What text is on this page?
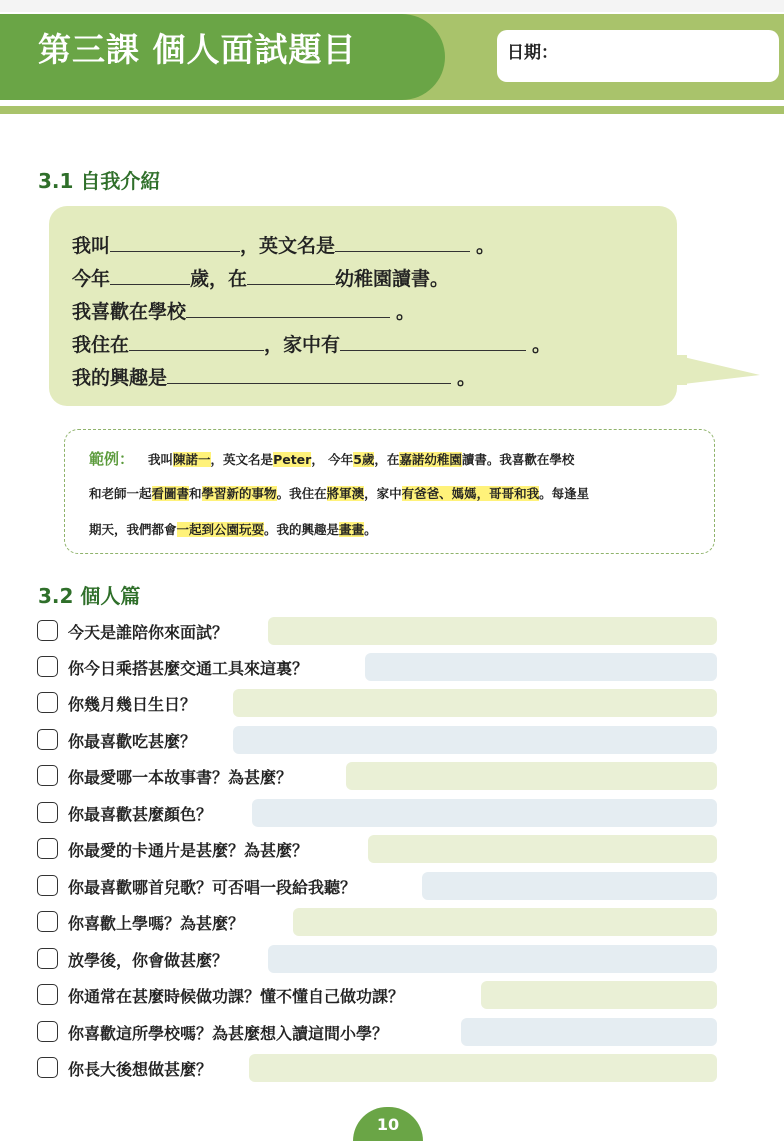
第三課 個人面試題目	日期：
3.1 自我介紹
我叫	，英文名是	。
今年	歲，在	幼稚園讀書。
我喜歡在學校	。
我住在	，家中有	。
我的興趣是	。
範例： 我叫陳諾一，英文名是Peter， 今年5歲，在嘉諾幼稚園讀書。我喜歡在學校
和老師一起看圖書和學習新的事物。我住在將軍澳，家中有爸爸、媽媽，哥哥和我。每逢星
期天，我們都會一起到公園玩耍。我的興趣是畫畫。
3.2 個人篇
今天是誰陪你來面試？
你今日乘搭甚麼交通工具來這裏？
你幾月幾日生日？
你最喜歡吃甚麼？
你最愛哪一本故事書？為甚麼？
你最喜歡甚麼顏色？
你最愛的卡通片是甚麼？為甚麼？
你最喜歡哪首兒歌？可否唱一段給我聽？
你喜歡上學嗎？為甚麼？
放學後，你會做甚麼？
你通常在甚麼時候做功課？懂不懂自己做功課？
你喜歡這所學校嗎？為甚麼想入讀這間小學？
你長大後想做甚麼？
10
